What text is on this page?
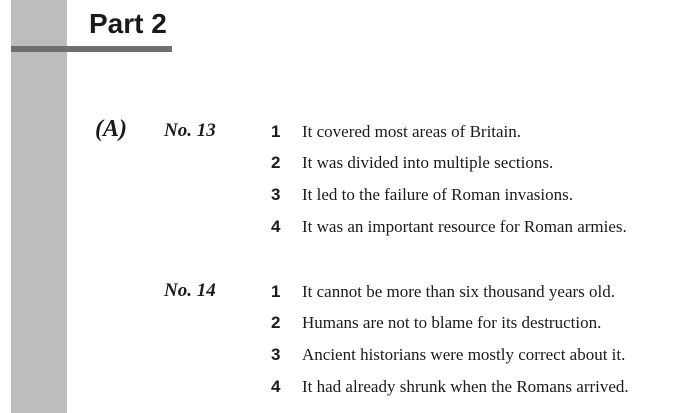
Part 2
(A) No. 13	1 It covered most areas of Britain.
2 It was divided into multiple sections.
3 It led to the failure of Roman invasions.
4 It was an important resource for Roman armies.
No. 14	1 It cannot be more than six thousand years old.
2 Humans are not to blame for its destruction.
3 Ancient historians were mostly correct about it.
4 It had already shrunk when the Romans arrived.
